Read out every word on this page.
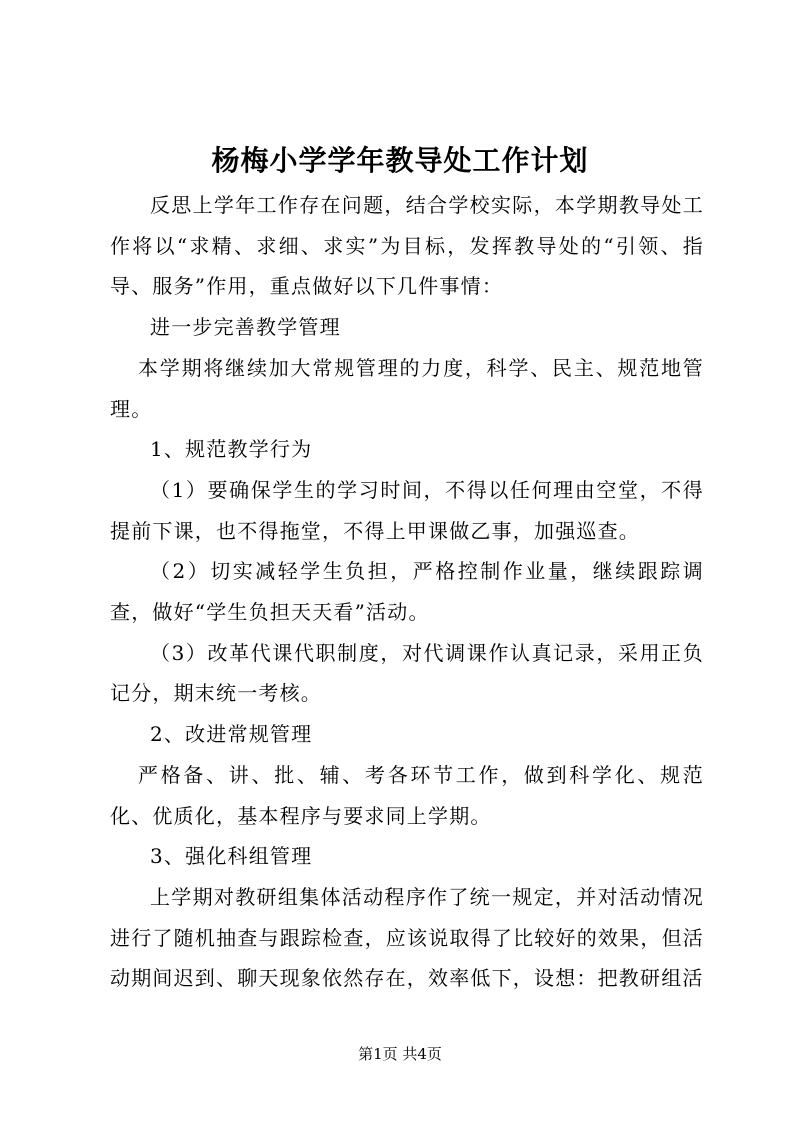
杨梅小学学年教导处工作计划

反思上学年工作存在问题，结合学校实际，本学期教导处工作将以“求精、求细、求实”为目标，发挥教导处的“引领、指导、服务”作用，重点做好以下几件事情：

进一步完善教学管理

本学期将继续加大常规管理的力度，科学、民主、规范地管理。

1、规范教学行为

（1）要确保学生的学习时间，不得以任何理由空堂，不得提前下课，也不得拖堂，不得上甲课做乙事，加强巡查。

（2）切实减轻学生负担，严格控制作业量，继续跟踪调查，做好“学生负担天天看”活动。

（3）改革代课代职制度，对代调课作认真记录，采用正负记分，期末统一考核。

2、改进常规管理

严格备、讲、批、辅、考各环节工作，做到科学化、规范化、优质化，基本程序与要求同上学期。

3、强化科组管理

上学期对教研组集体活动程序作了统一规定，并对活动情况进行了随机抽查与跟踪检查，应该说取得了比较好的效果，但活动期间迟到、聊天现象依然存在，效率低下，设想：把教研组活

第1页 共4页
